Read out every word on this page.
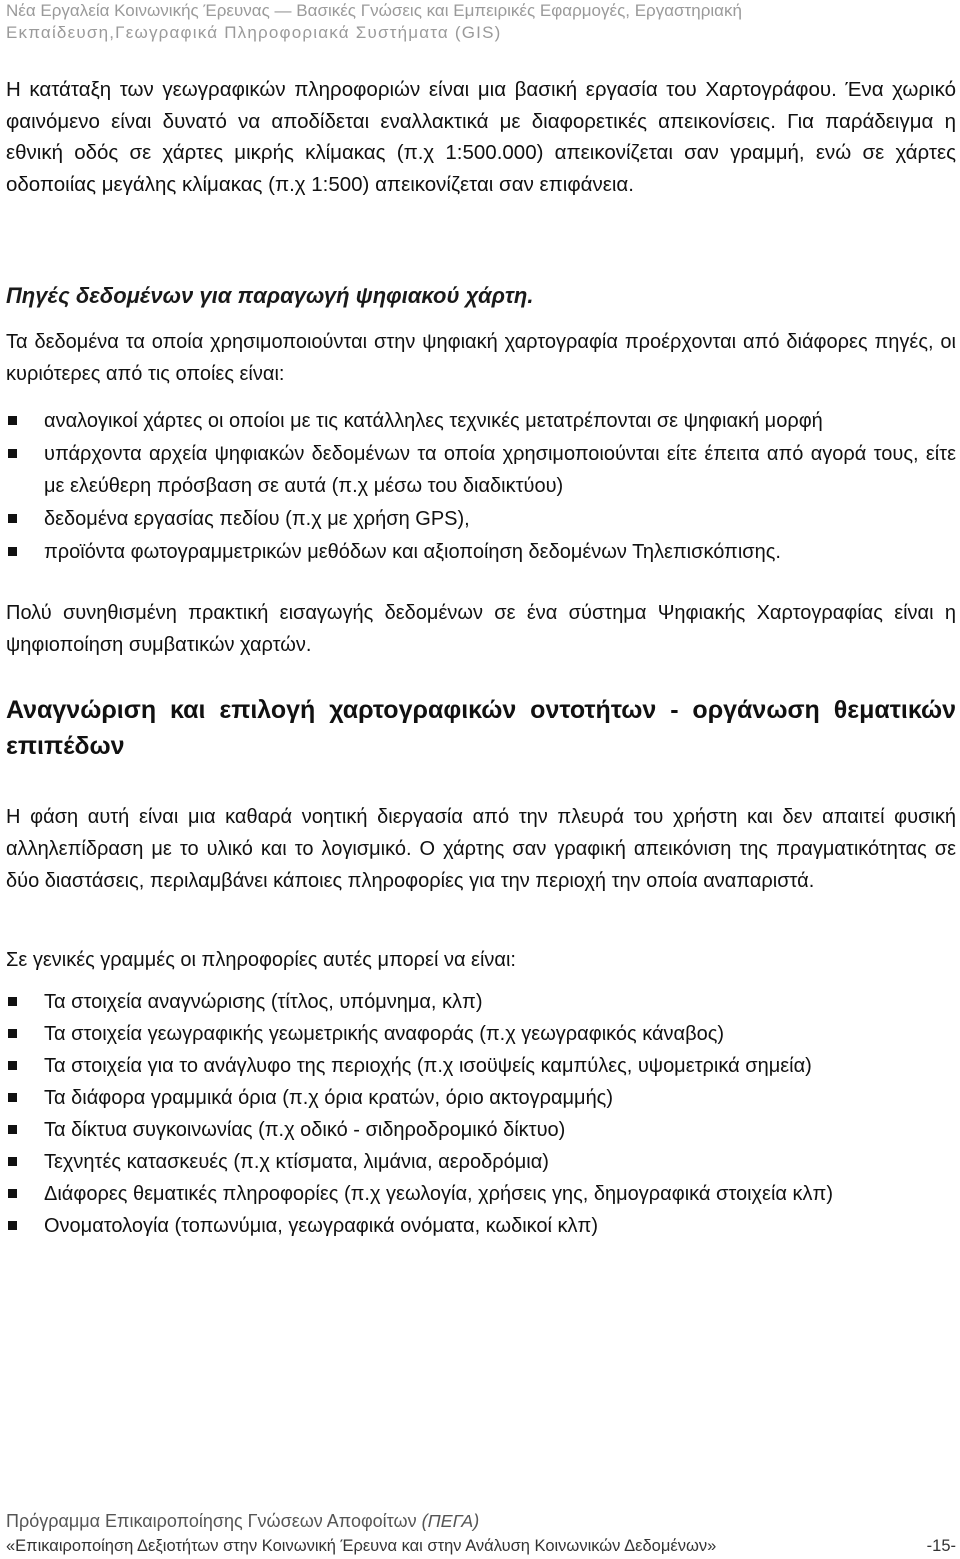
Νέα Εργαλεία Κοινωνικής Έρευνας — Βασικές Γνώσεις και Εμπειρικές Εφαρμογές, Εργαστηριακή
Εκπαίδευση,Γεωγραφικά Πληροφοριακά Συστήματα (GIS)
Η κατάταξη των γεωγραφικών πληροφοριών είναι μια βασική εργασία του Χαρτογράφου. Ένα χωρικό φαινόμενο είναι δυνατό να αποδίδεται εναλλακτικά με διαφορετικές απεικονίσεις. Για παράδειγμα η εθνική οδός σε χάρτες μικρής κλίμακας (π.χ 1:500.000) απεικονίζεται σαν γραμμή, ενώ σε χάρτες οδοποιίας μεγάλης κλίμακας (π.χ 1:500) απεικονίζεται σαν επιφάνεια.
Πηγές δεδομένων για παραγωγή ψηφιακού χάρτη.
Τα δεδομένα τα οποία χρησιμοποιούνται στην ψηφιακή χαρτογραφία προέρχονται από διάφορες πηγές, οι κυριότερες από τις οποίες είναι:
αναλογικοί χάρτες οι οποίοι με τις κατάλληλες τεχνικές μετατρέπονται σε ψηφιακή μορφή
υπάρχοντα αρχεία ψηφιακών δεδομένων τα οποία χρησιμοποιούνται είτε έπειτα από αγορά τους, είτε με ελεύθερη πρόσβαση σε αυτά (π.χ μέσω του διαδικτύου)
δεδομένα εργασίας πεδίου (π.χ με χρήση GPS),
προϊόντα φωτογραμμετρικών μεθόδων και αξιοποίηση δεδομένων Τηλεπισκόπισης.
Πολύ συνηθισμένη πρακτική εισαγωγής δεδομένων σε ένα σύστημα Ψηφιακής Χαρτογραφίας είναι η ψηφιοποίηση συμβατικών χαρτών.
Αναγνώριση και επιλογή χαρτογραφικών οντοτήτων - οργάνωση θεματικών επιπέδων
Η φάση αυτή είναι μια καθαρά νοητική διεργασία από την πλευρά του χρήστη και δεν απαιτεί φυσική αλληλεπίδραση με το υλικό και το λογισμικό. Ο χάρτης σαν γραφική απεικόνιση της πραγματικότητας σε δύο διαστάσεις, περιλαμβάνει κάποιες πληροφορίες για την περιοχή την οποία αναπαριστά.
Σε γενικές γραμμές οι πληροφορίες αυτές μπορεί να είναι:
Τα στοιχεία αναγνώρισης (τίτλος, υπόμνημα, κλπ)
Τα στοιχεία γεωγραφικής γεωμετρικής αναφοράς (π.χ γεωγραφικός κάναβος)
Τα στοιχεία για το ανάγλυφο της περιοχής (π.χ ισοϋψείς καμπύλες, υψομετρικά σημεία)
Τα διάφορα γραμμικά όρια (π.χ όρια κρατών, όριο ακτογραμμής)
Τα δίκτυα συγκοινωνίας (π.χ οδικό - σιδηροδρομικό δίκτυο)
Τεχνητές κατασκευές (π.χ κτίσματα, λιμάνια, αεροδρόμια)
Διάφορες θεματικές πληροφορίες (π.χ γεωλογία, χρήσεις γης, δημογραφικά στοιχεία κλπ)
Ονοματολογία (τοπωνύμια, γεωγραφικά ονόματα, κωδικοί κλπ)
Πρόγραμμα Επικαιροποίησης Γνώσεων Αποφοίτων (ΠΕΓΑ)
«Επικαιροποίηση Δεξιοτήτων στην Κοινωνική Έρευνα και στην Ανάλυση Κοινωνικών Δεδομένων»	-15-
